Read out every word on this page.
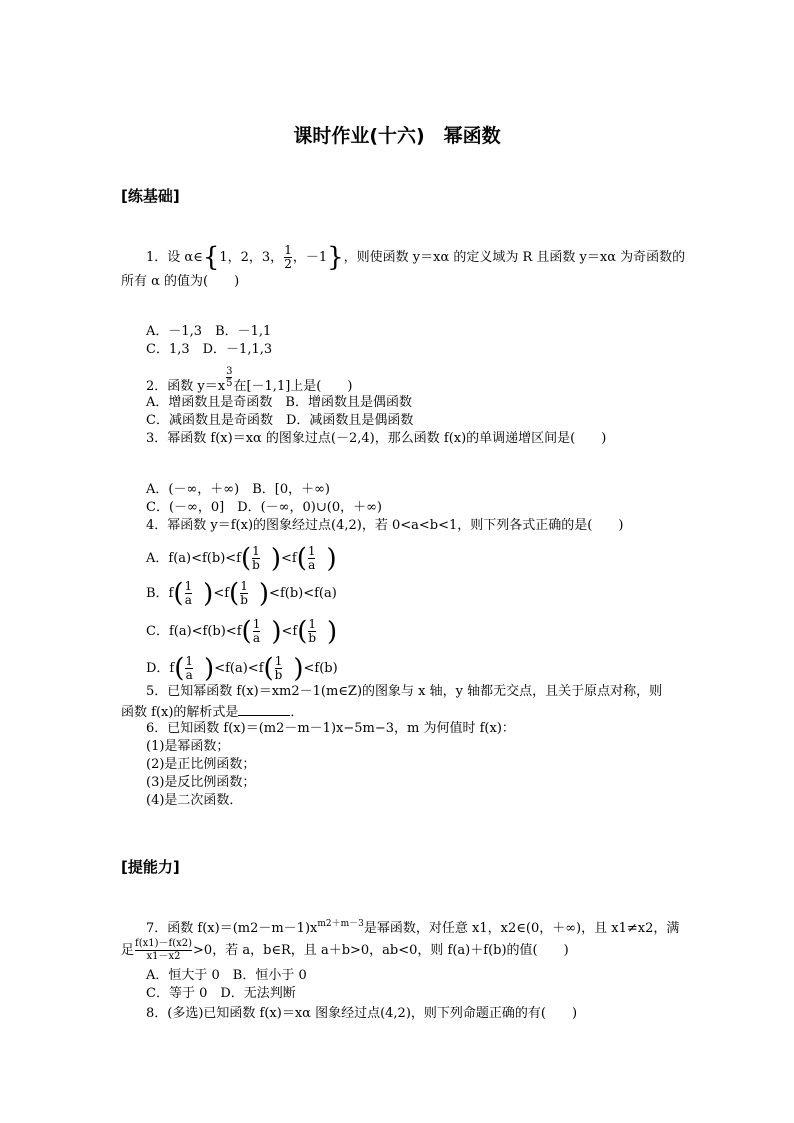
课时作业(十六)　幂函数
[练基础]
1．设 α∈{1，2，3， $\frac{1}{2}$ ，－1}，则使函数 y＝xα 的定义域为 R 且函数 y＝xα 为奇函数的
所有 α 的值为(　　)
A．－1,3　B．－1,1
C．1,3　D．－1,1,3
2．函数 $y=x \frac{3}{5}$ 在[－1,1]上是(　　)
A．增函数且是奇函数　B．增函数且是偶函数
C．减函数且是奇函数　D．减函数且是偶函数
3．幂函数 f(x)＝xα 的图象过点(－2,4)，那么函数 f(x)的单调递增区间是(　　)
A．(－∞，＋∞)　B．[0，＋∞)
C．(－∞，0]　D．(－∞，0)∪(0，＋∞)
4．幂函数 y＝f(x)的图象经过点(4,2)，若 0<a<b<1，则下列各式正确的是(　　)
A．$f(a)<f(b)<f( \frac{1}{b} )<f( \frac{1}{a}$ )
B．$f( \frac{1}{a} )<f( \frac{1}{b} )<f(b)<f(a)$
C．$f(a)<f(b)<f( \frac{1}{a} )<f( \frac{1}{b}$ )
D．$f( \frac{1}{a} )<f(a)<f( \frac{1}{b} )<f(b)$
5．已知幂函数 f(x)＝xm2－1(m∈Z)的图象与 x 轴，y 轴都无交点，且关于原点对称，则
函数 f(x)的解析式是	．
6．已知函数 f(x)＝(m2－m－1)x−5m−3，m 为何值时 f(x)：
(1)是幂函数；
(2)是正比例函数；
(3)是反比例函数；
(4)是二次函数．
[提能力]
7．函数 $f(x)=(m2-m-1)x^{m2+m-3}$是幂函数，对任意 x1，x2∈(0，＋∞)，且 x1≠x2，满
足 $\frac{f(x1)-f(x2)}{x1-x2} >0$，若 a，b∈R，且 a＋b>0，ab<0，则 f(a)＋f(b)的值(　　)
A．恒大于 0　B．恒小于 0
C．等于 0　D．无法判断
8．(多选)已知函数 f(x)＝xα 图象经过点(4,2)，则下列命题正确的有(　　)
